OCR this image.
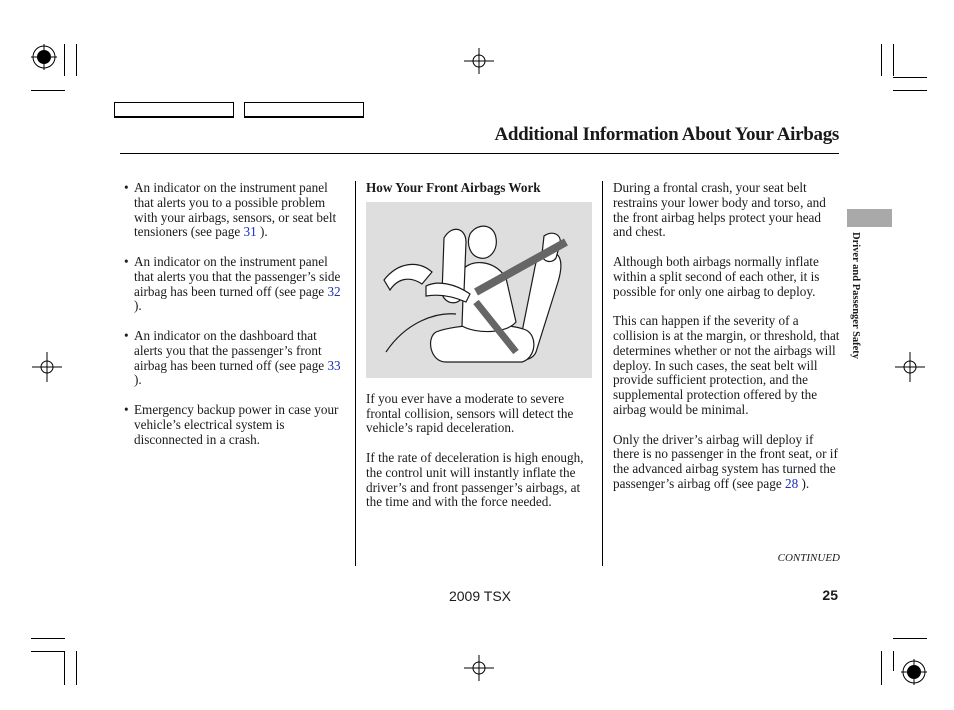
Additional Information About Your Airbags
• An indicator on the instrument panel that alerts you to a possible problem with your airbags, sensors, or seat belt tensioners (see page 31 ).
• An indicator on the instrument panel that alerts you that the passenger’s side airbag has been turned off (see page 32 ).
• An indicator on the dashboard that alerts you that the passenger’s front airbag has been turned off (see page 33 ).
• Emergency backup power in case your vehicle’s electrical system is disconnected in a crash.
How Your Front Airbags Work

If you ever have a moderate to severe frontal collision, sensors will detect the vehicle’s rapid deceleration.

If the rate of deceleration is high enough, the control unit will instantly inflate the driver’s and front passenger’s airbags, at the time and with the force needed.

During a frontal crash, your seat belt restrains your lower body and torso, and the front airbag helps protect your head and chest.

Although both airbags normally inflate within a split second of each other, it is possible for only one airbag to deploy.

This can happen if the severity of a collision is at the margin, or threshold, that determines whether or not the airbags will deploy. In such cases, the seat belt will provide sufficient protection, and the supplemental protection offered by the airbag would be minimal.

Only the driver’s airbag will deploy if there is no passenger in the front seat, or if the advanced airbag system has turned the passenger’s airbag off (see page 28 ).

CONTINUED
Driver and Passenger Safety
2009 TSX	25
